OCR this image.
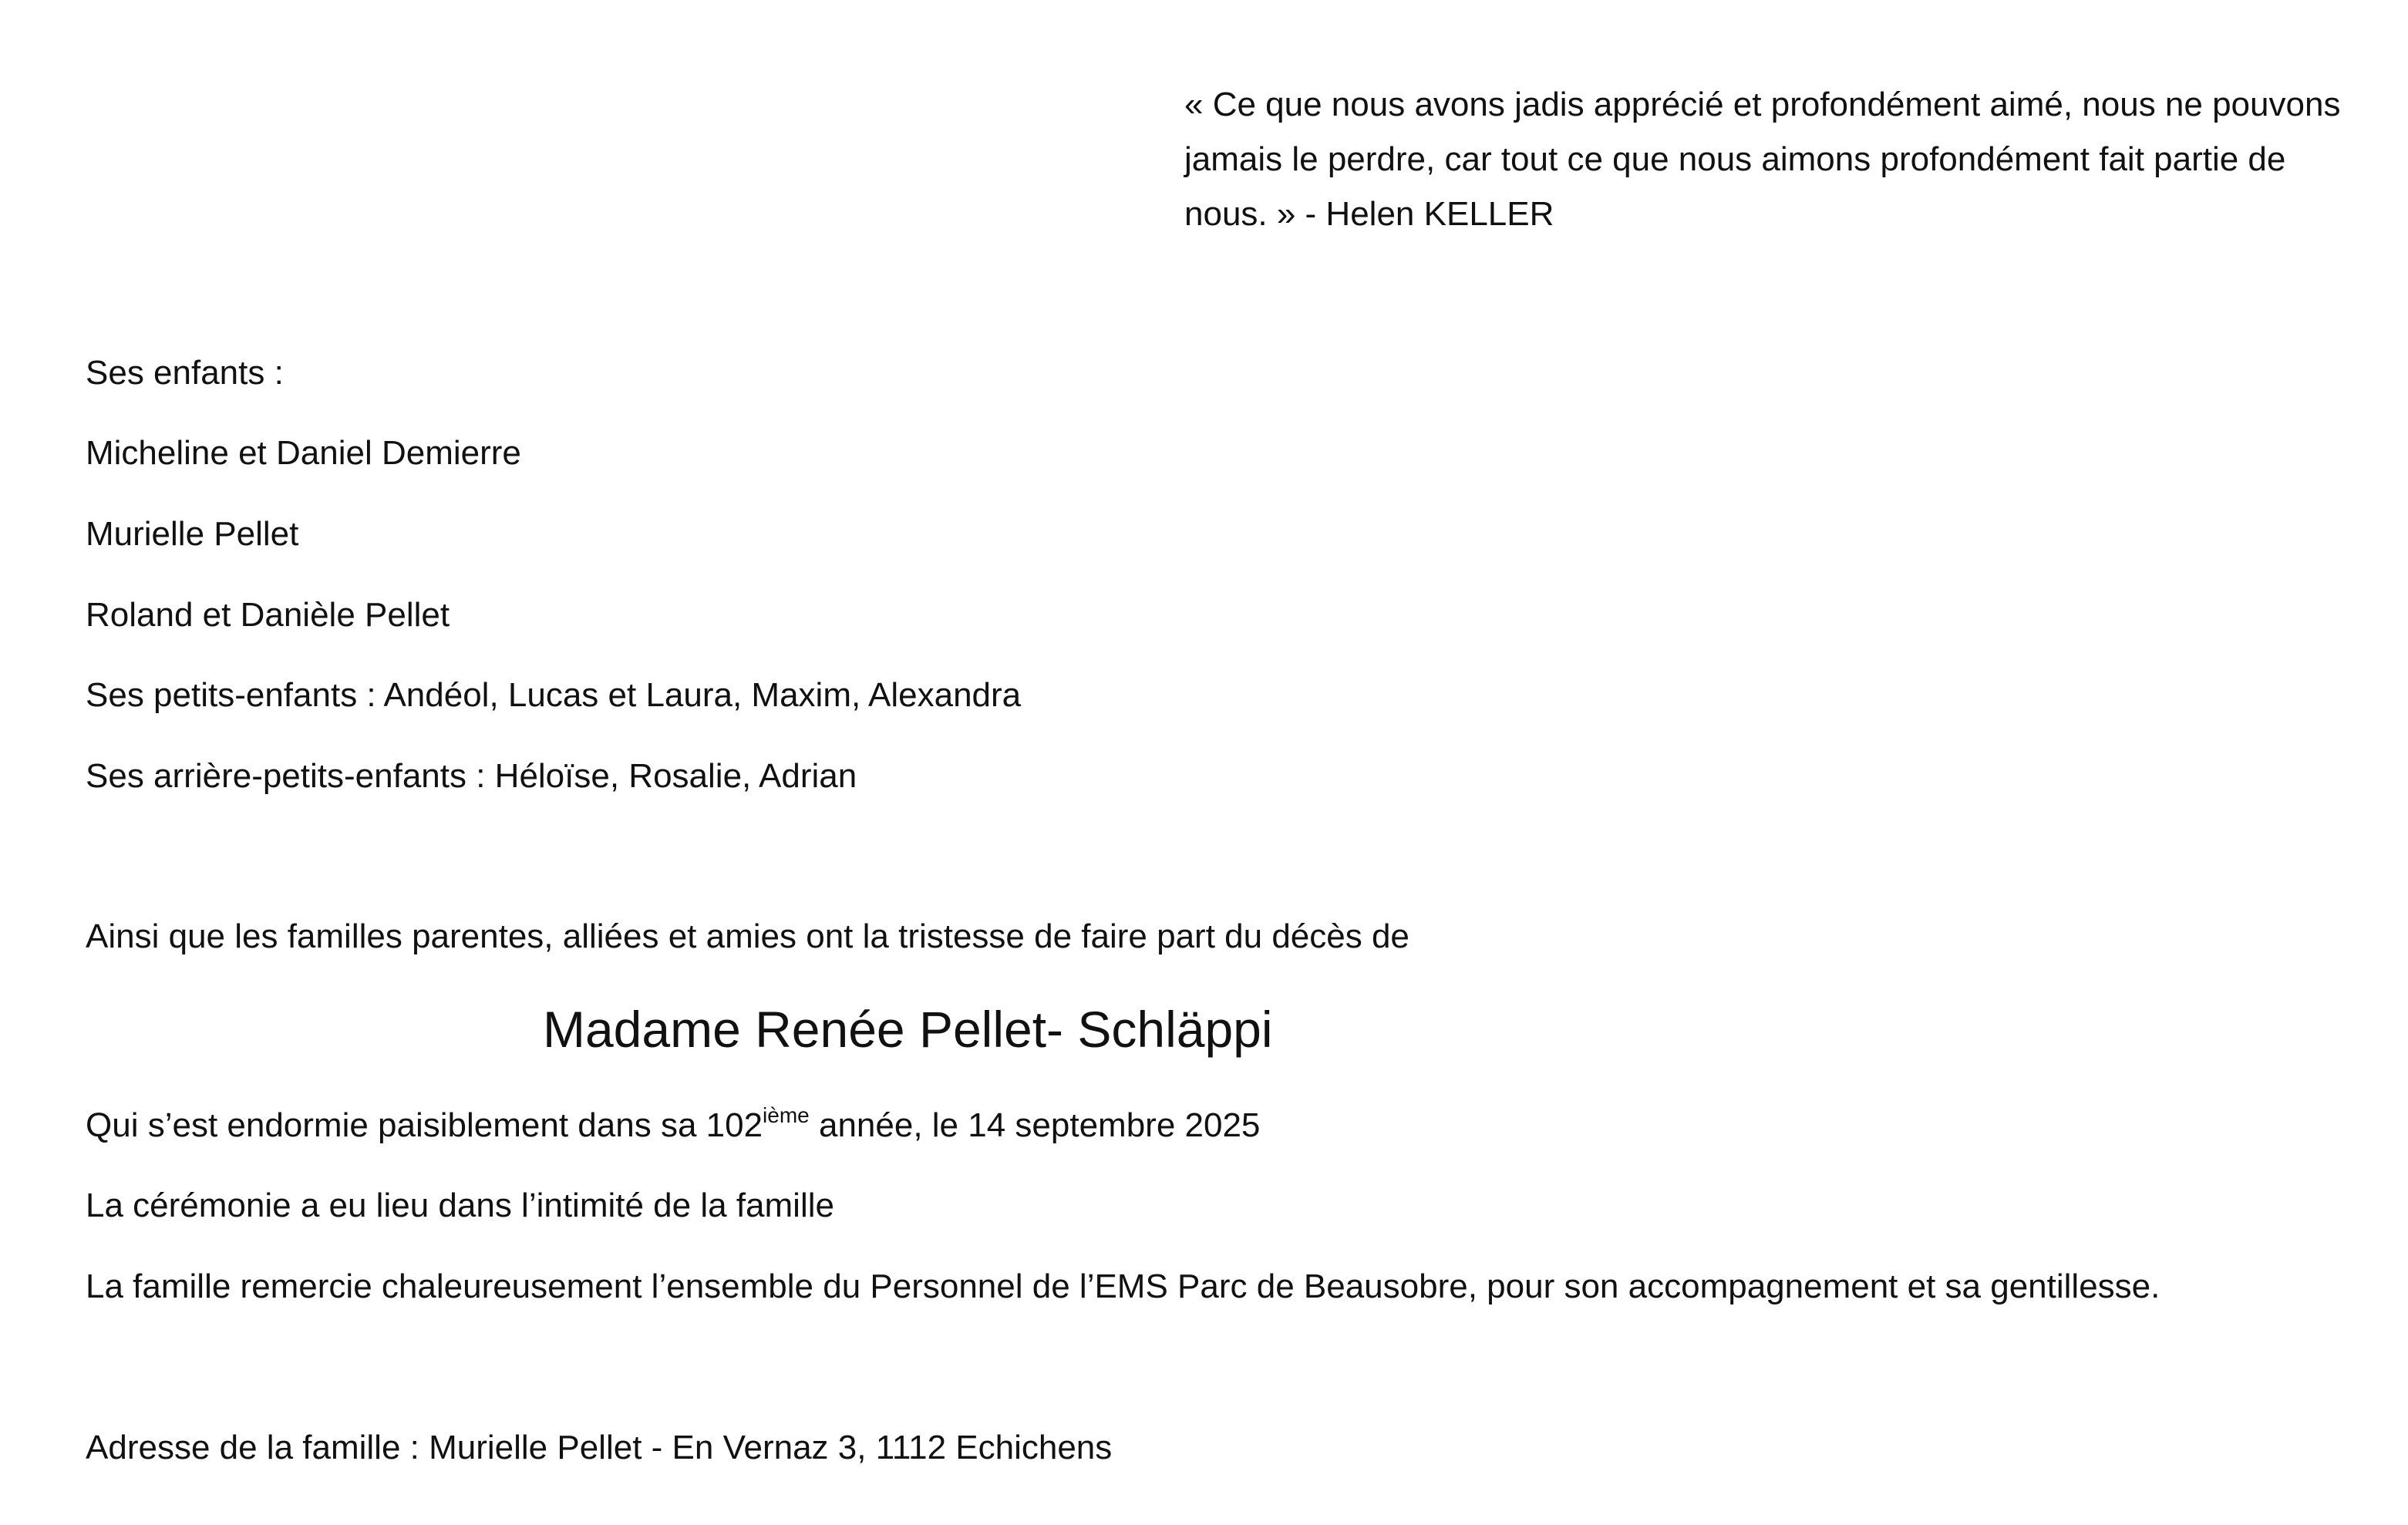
« Ce que nous avons jadis apprécié et profondément aimé, nous ne pouvons jamais le perdre, car tout ce que nous aimons profondément fait partie de nous. » - Helen KELLER

Ses enfants :

Micheline et Daniel Demierre

Murielle Pellet

Roland et Danièle Pellet

Ses petits-enfants : Andéol, Lucas et Laura, Maxim, Alexandra

Ses arrière-petits-enfants : Héloïse, Rosalie, Adrian

Ainsi que les familles parentes, alliées et amies ont la tristesse de faire part du décès de

Madame Renée Pellet- Schläppi

Qui s’est endormie paisiblement dans sa 102ième année, le 14 septembre 2025

La cérémonie a eu lieu dans l’intimité de la famille

La famille remercie chaleureusement l’ensemble du Personnel de l’EMS Parc de Beausobre, pour son accompagnement et sa gentillesse.

Adresse de la famille : Murielle Pellet - En Vernaz 3, 1112 Echichens
